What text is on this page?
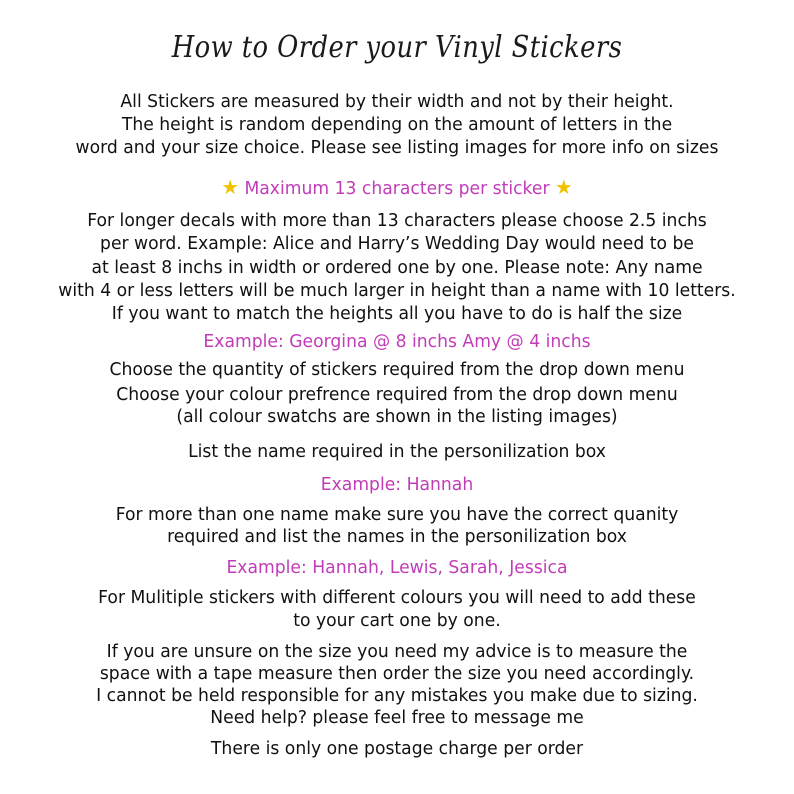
How to Order your Vinyl Stickers
All Stickers are measured by their width and not by their height.
The height is random depending on the amount of letters in the
word and your size choice. Please see listing images for more info on sizes
★ Maximum 13 characters per sticker ★
For longer decals with more than 13 characters please choose 2.5 inchs
per word. Example: Alice and Harry’s Wedding Day would need to be
at least 8 inchs in width or ordered one by one. Please note: Any name
with 4 or less letters will be much larger in height than a name with 10 letters.
If you want to match the heights all you have to do is half the size
Example: Georgina @ 8 inchs Amy @ 4 inchs
Choose the quantity of stickers required from the drop down menu
Choose your colour prefrence required from the drop down menu
(all colour swatchs are shown in the listing images)
List the name required in the personilization box
Example: Hannah
For more than one name make sure you have the correct quanity
required and list the names in the personilization box
Example: Hannah, Lewis, Sarah, Jessica
For Mulitiple stickers with different colours you will need to add these
to your cart one by one.
If you are unsure on the size you need my advice is to measure the
space with a tape measure then order the size you need accordingly.
I cannot be held responsible for any mistakes you make due to sizing.
Need help? please feel free to message me
There is only one postage charge per order
